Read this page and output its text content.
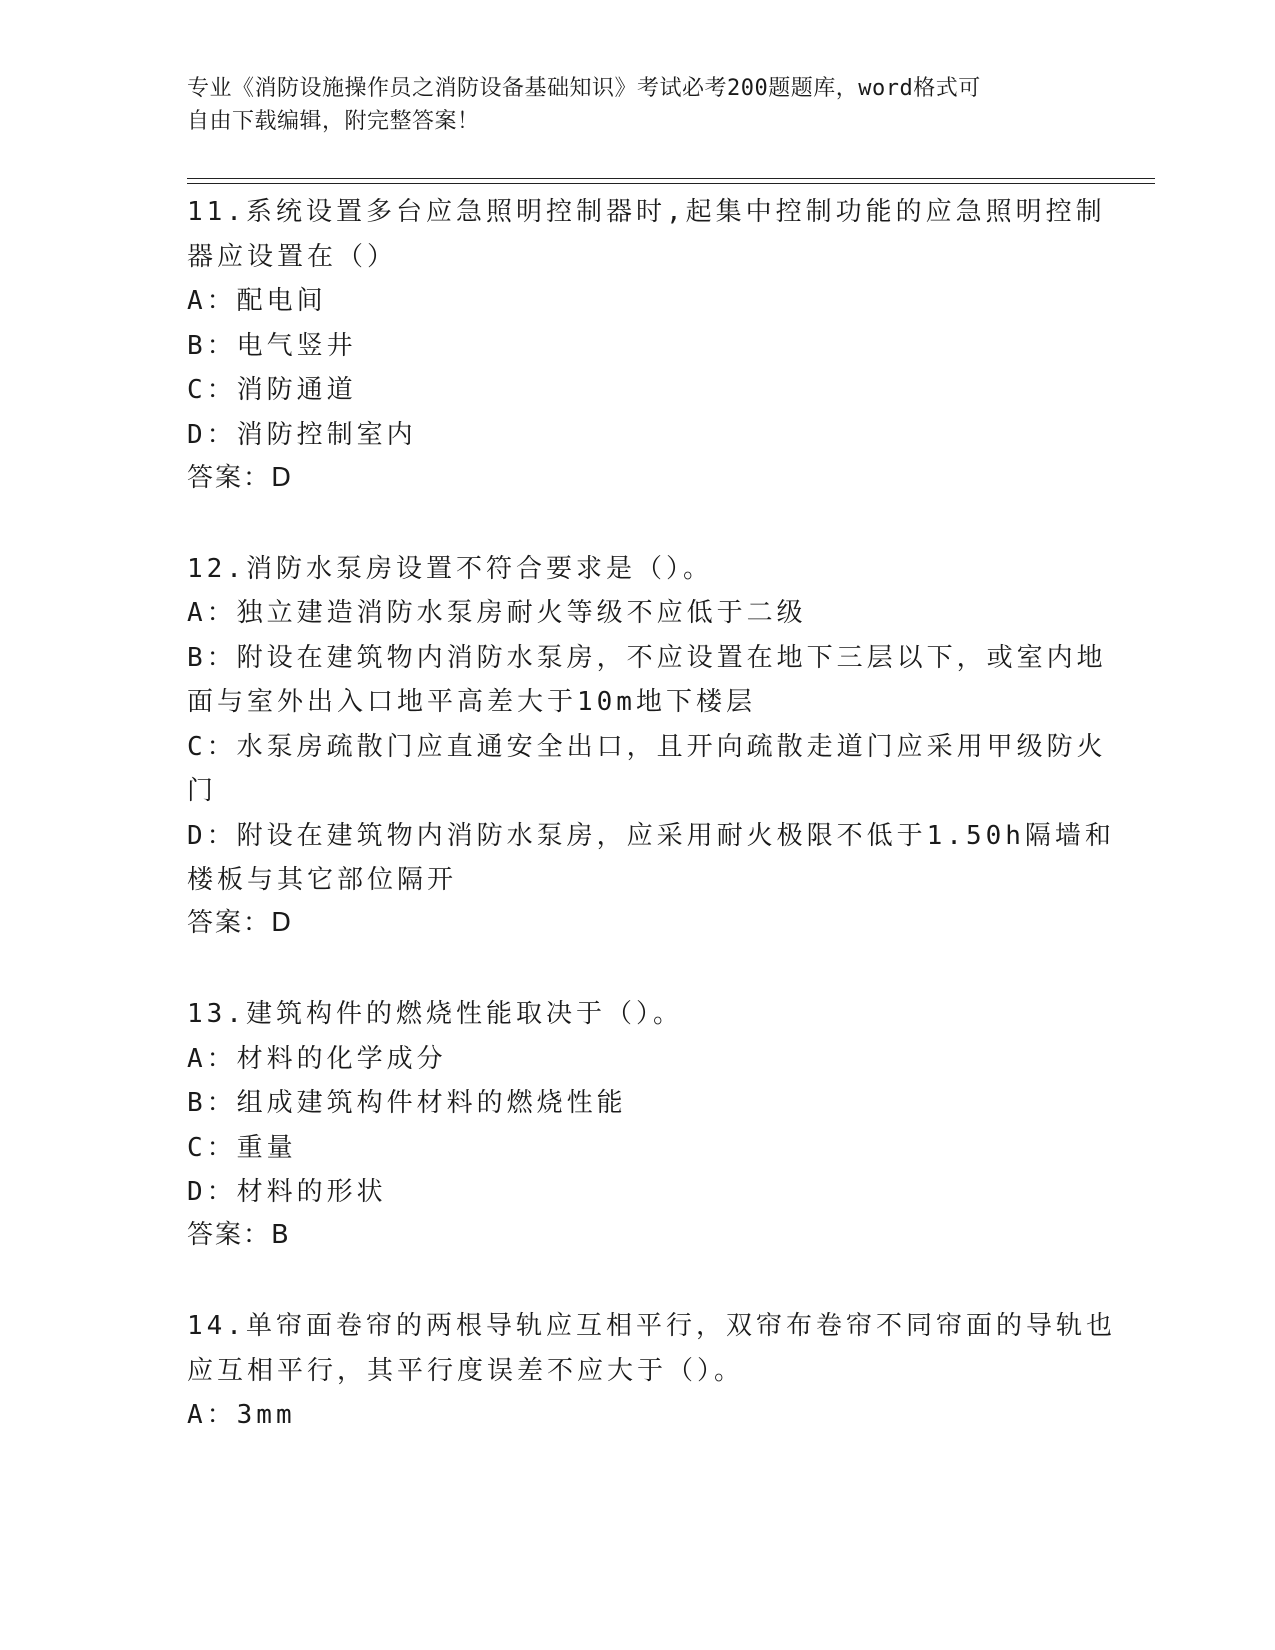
专业《消防设施操作员之消防设备基础知识》考试必考200题题库，word格式可
自由下载编辑，附完整答案！
11.系统设置多台应急照明控制器时,起集中控制功能的应急照明控制
器应设置在（）
A：配电间
B：电气竖井
C：消防通道
D：消防控制室内
答案：D
12.消防水泵房设置不符合要求是（）。
A：独立建造消防水泵房耐火等级不应低于二级
B：附设在建筑物内消防水泵房，不应设置在地下三层以下，或室内地
面与室外出入口地平高差大于10m地下楼层
C：水泵房疏散门应直通安全出口，且开向疏散走道门应采用甲级防火
门
D：附设在建筑物内消防水泵房，应采用耐火极限不低于1.50h隔墙和
楼板与其它部位隔开
答案：D
13.建筑构件的燃烧性能取决于（）。
A：材料的化学成分
B：组成建筑构件材料的燃烧性能
C：重量
D：材料的形状
答案：B
14.单帘面卷帘的两根导轨应互相平行，双帘布卷帘不同帘面的导轨也
应互相平行，其平行度误差不应大于（）。
A：3mm
